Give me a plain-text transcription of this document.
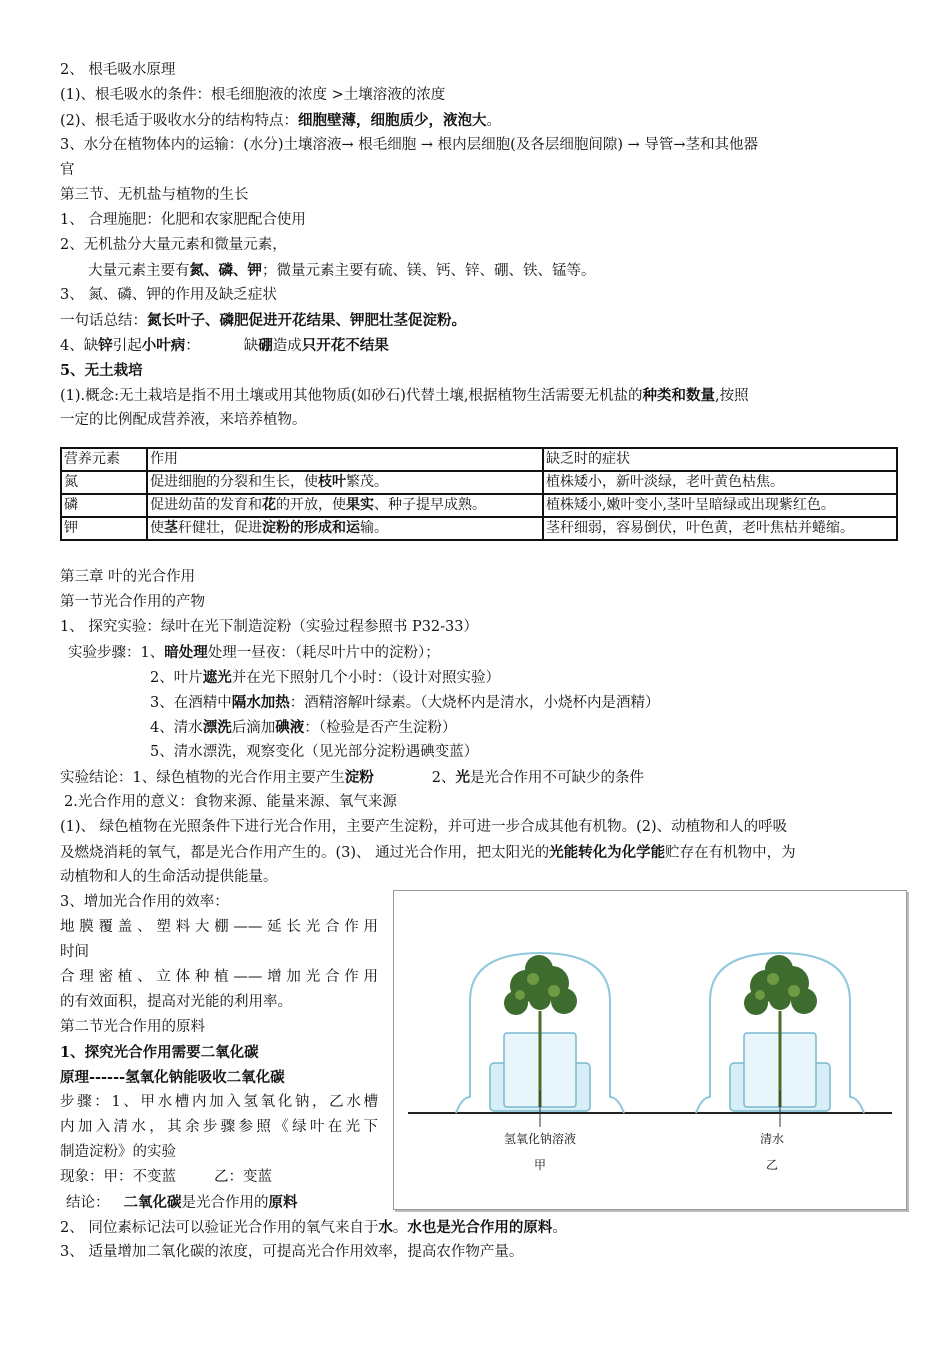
2、 根毛吸水原理
(1)、根毛吸水的条件：根毛细胞液的浓度 >土壤溶液的浓度
(2)、根毛适于吸收水分的结构特点：细胞壁薄，细胞质少，液泡大。
3、水分在植物体内的运输：(水分)土壤溶液→ 根毛细胞 → 根内层细胞(及各层细胞间隙) → 导管→茎和其他器
官
第三节、无机盐与植物的生长
1、 合理施肥：化肥和农家肥配合使用
2、无机盐分大量元素和微量元素，
大量元素主要有氮、磷、钾；微量元素主要有硫、镁、钙、锌、硼、铁、锰等。
3、 氮、磷、钾的作用及缺乏症状
一句话总结：氮长叶子、磷肥促进开花结果、钾肥壮茎促淀粉。
4、缺锌引起小叶病：	缺硼造成只开花不结果
5、无土栽培
(1).概念:无土栽培是指不用土壤或用其他物质(如砂石)代替土壤,根据植物生活需要无机盐的种类和数量,按照
一定的比例配成营养液，来培养植物。
营养元素	作用	缺乏时的症状
氮	促进细胞的分裂和生长，使枝叶繁茂。	植株矮小，新叶淡绿，老叶黄色枯焦。
磷	促进幼苗的发育和花的开放，使果实、种子提早成熟。	植株矮小,嫩叶变小,茎叶呈暗绿或出现紫红色。
钾	使茎秆健壮，促进淀粉的形成和运输。	茎秆细弱，容易倒伏，叶色黄，老叶焦枯并蜷缩。
第三章 叶的光合作用
第一节光合作用的产物
1、 探究实验：绿叶在光下制造淀粉（实验过程参照书 P32-33）
实验步骤：1、暗处理处理一昼夜：（耗尽叶片中的淀粉）；
2、叶片遮光并在光下照射几个小时：（设计对照实验）
3、在酒精中隔水加热：酒精溶解叶绿素。（大烧杯内是清水，小烧杯内是酒精）
4、清水漂洗后滴加碘液：（检验是否产生淀粉）
5、清水漂洗，观察变化（见光部分淀粉遇碘变蓝）
实验结论：1、绿色植物的光合作用主要产生淀粉	2、光是光合作用不可缺少的条件
2.光合作用的意义：食物来源、能量来源、氧气来源
(1)、 绿色植物在光照条件下进行光合作用，主要产生淀粉，并可进一步合成其他有机物。(2)、动植物和人的呼吸
及燃烧消耗的氧气，都是光合作用产生的。(3)、 通过光合作用，把太阳光的光能转化为化学能贮存在有机物中，为
动植物和人的生命活动提供能量。
3、增加光合作用的效率：
地膜覆盖、塑料大棚——延长光合作用
时间
合理密植、立体种植——增加光合作用
的有效面积，提高对光能的利用率。
第二节光合作用的原料
1、探究光合作用需要二氧化碳
原理------氢氧化钠能吸收二氧化碳
步骤：1、甲水槽内加入氢氧化钠，乙水槽
内加入清水，其余步骤参照《绿叶在光下
制造淀粉》的实验
现象：甲：不变蓝	乙：变蓝
结论： 二氧化碳是光合作用的原料
氢氧化钠溶液
甲
清水
乙
2、 同位素标记法可以验证光合作用的氧气来自于水。水也是光合作用的原料。
3、 适量增加二氧化碳的浓度，可提高光合作用效率，提高农作物产量。
